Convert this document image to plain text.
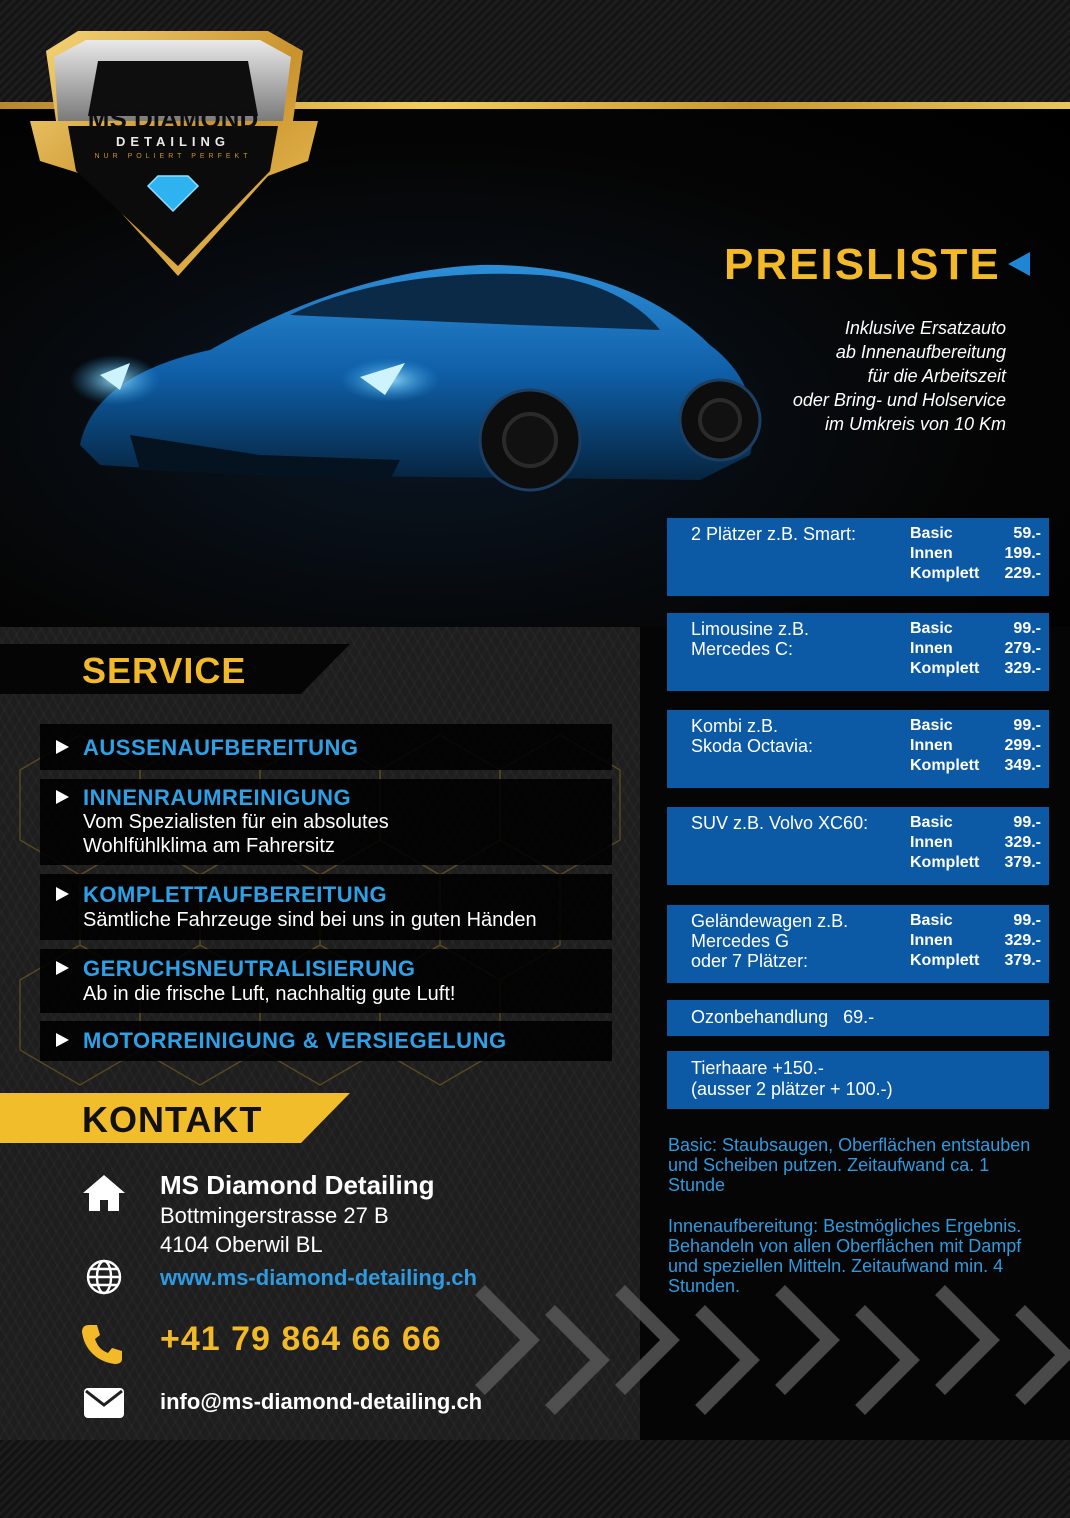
MS DIAMOND
DETAILING
NUR POLIERT PERFEKT
PREISLISTE
Inklusive Ersatzauto
ab Innenaufbereitung
für die Arbeitszeit
oder Bring- und Holservice
im Umkreis von 10 Km
SERVICE
AUSSENAUFBEREITUNG
INNENRAUMREINIGUNG
Vom Spezialisten für ein absolutes
Wohlfühlklima am Fahrersitz
KOMPLETTAUFBEREITUNG
Sämtliche Fahrzeuge sind bei uns in guten Händen
GERUCHSNEUTRALISIERUNG
Ab in die frische Luft, nachhaltig gute Luft!
MOTORREINIGUNG & VERSIEGELUNG
KONTAKT
MS Diamond Detailing
Bottmingerstrasse 27 B
4104 Oberwil BL
www.ms-diamond-detailing.ch
+41 79 864 66 66
info@ms-diamond-detailing.ch
2 Plätzer z.B. Smart:	Basic	59.-
Innen	199.-
Komplett 229.-
Limousine z.B.
Mercedes C:
Basic	99.-
Innen	279.-
Komplett 329.-
Kombi z.B.
Skoda Octavia:
Basic	99.-
Innen	299.-
Komplett 349.-
SUV z.B. Volvo XC60:	Basic	99.-
Innen	329.-
Komplett 379.-
Geländewagen z.B.
Mercedes G
oder 7 Plätzer:
Basic	99.-
Innen	329.-
Komplett 379.-
Ozonbehandlung   69.-
Tierhaare +150.-
(ausser 2 plätzer + 100.-)
Basic: Staubsaugen, Oberflächen entstauben und Scheiben putzen. Zeitaufwand ca. 1 Stunde
Innenaufbereitung: Bestmögliches Ergebnis. Behandeln von allen Oberflächen mit Dampf und speziellen Mitteln. Zeitaufwand min. 4 Stunden.
